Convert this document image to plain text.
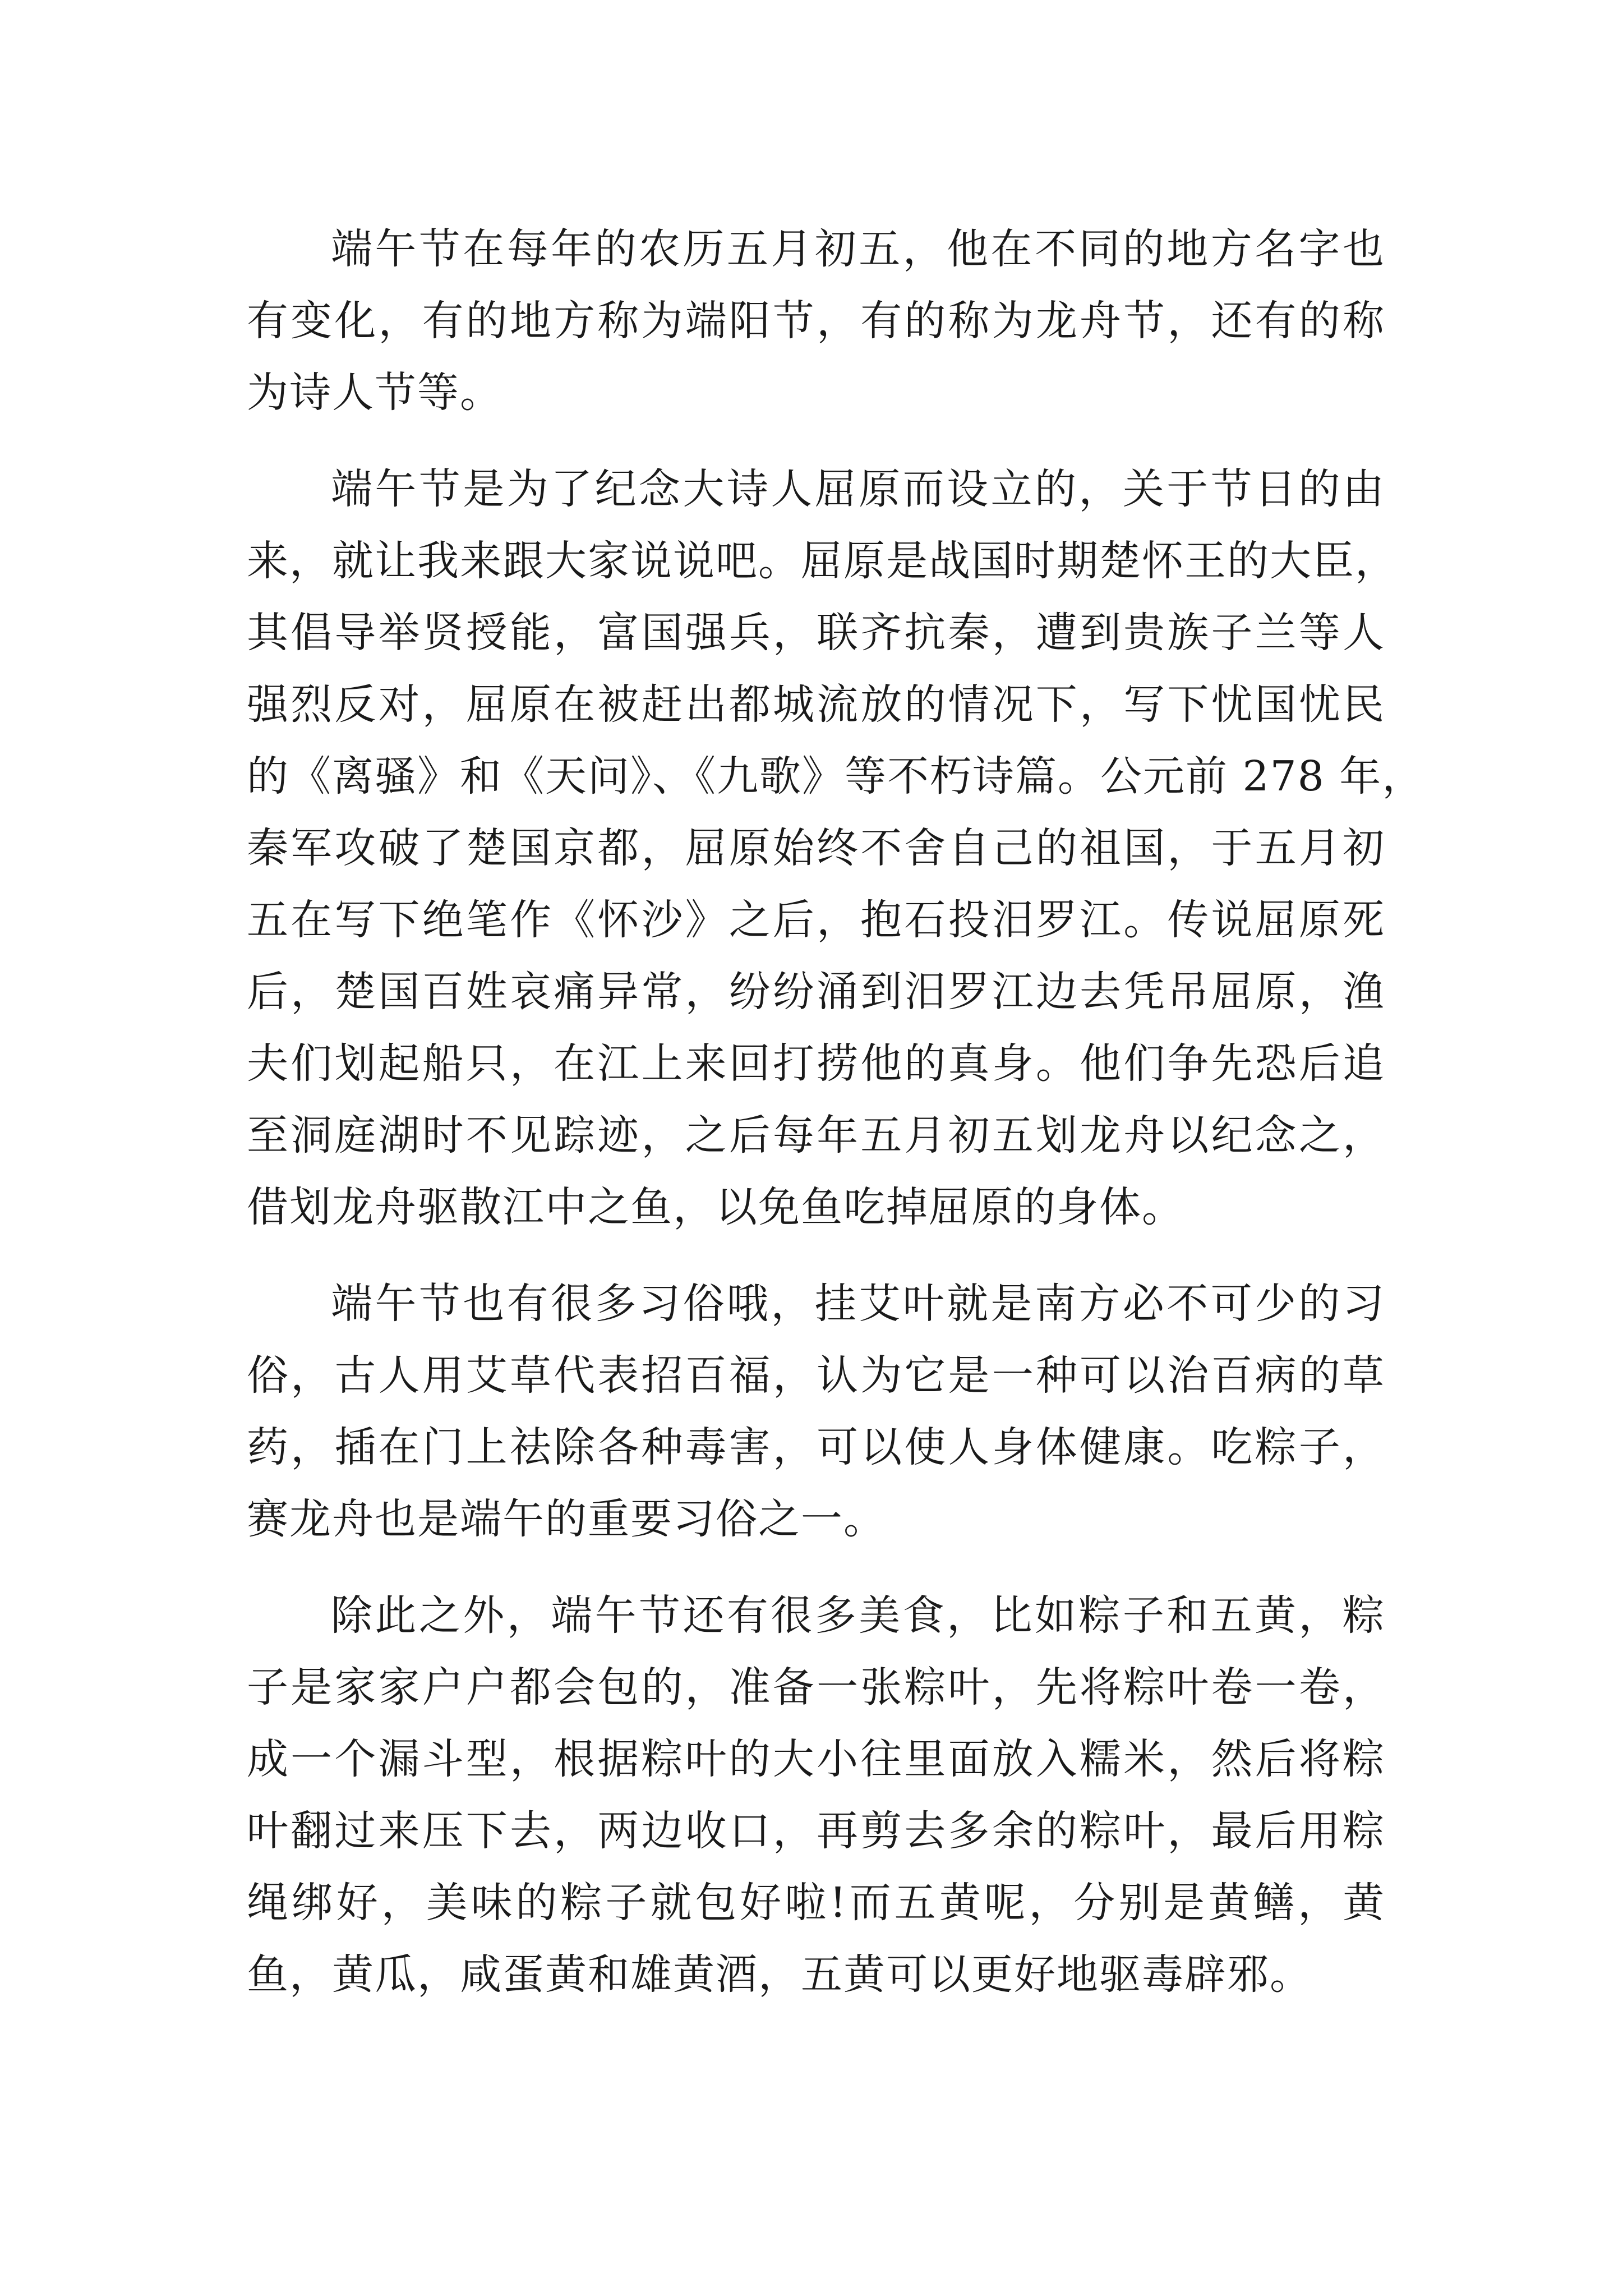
端午节在每年的农历五月初五，他在不同的地方名字也
有变化，有的地方称为端阳节，有的称为龙舟节，还有的称
为诗人节等。
端午节是为了纪念大诗人屈原而设立的，关于节日的由
来，就让我来跟大家说说吧。屈原是战国时期楚怀王的大臣，
其倡导举贤授能，富国强兵，联齐抗秦，遭到贵族子兰等人
强烈反对，屈原在被赶出都城流放的情况下，写下忧国忧民
的《离骚》和《天问》、《九歌》等不朽诗篇。公元前 278 年，
秦军攻破了楚国京都，屈原始终不舍自己的祖国，于五月初
五在写下绝笔作《怀沙》之后，抱石投汨罗江。传说屈原死
后，楚国百姓哀痛异常，纷纷涌到汨罗江边去凭吊屈原，渔
夫们划起船只，在江上来回打捞他的真身。他们争先恐后追
至洞庭湖时不见踪迹，之后每年五月初五划龙舟以纪念之，
借划龙舟驱散江中之鱼，以免鱼吃掉屈原的身体。
端午节也有很多习俗哦，挂艾叶就是南方必不可少的习
俗，古人用艾草代表招百福，认为它是一种可以治百病的草
药，插在门上祛除各种毒害，可以使人身体健康。吃粽子，
赛龙舟也是端午的重要习俗之一。
除此之外，端午节还有很多美食，比如粽子和五黄，粽
子是家家户户都会包的，准备一张粽叶，先将粽叶卷一卷，
成一个漏斗型，根据粽叶的大小往里面放入糯米，然后将粽
叶翻过来压下去，两边收口，再剪去多余的粽叶，最后用粽
绳绑好，美味的粽子就包好啦!而五黄呢，分别是黄鳝，黄
鱼，黄瓜，咸蛋黄和雄黄酒，五黄可以更好地驱毒辟邪。
